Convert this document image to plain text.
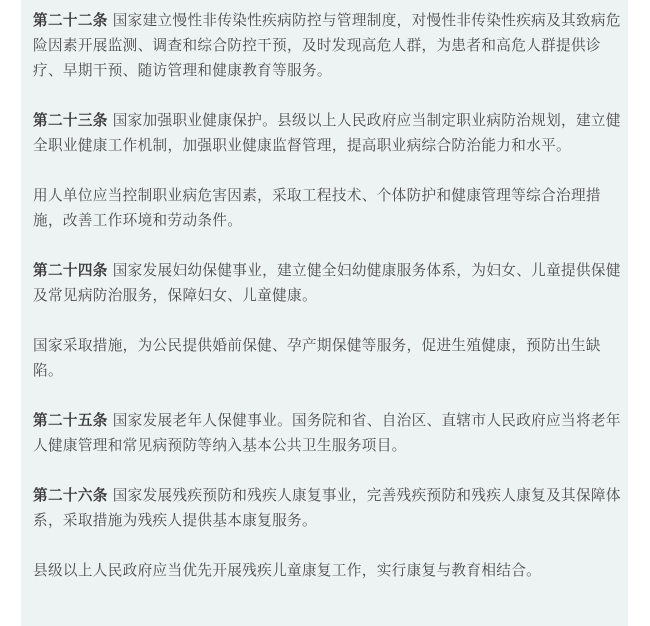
第二十二条 国家建立慢性非传染性疾病防控与管理制度，对慢性非传染性疾病及其致病危险因素开展监测、调查和综合防控干预，及时发现高危人群，为患者和高危人群提供诊疗、早期干预、随访管理和健康教育等服务。

第二十三条 国家加强职业健康保护。县级以上人民政府应当制定职业病防治规划，建立健全职业健康工作机制，加强职业健康监督管理，提高职业病综合防治能力和水平。

用人单位应当控制职业病危害因素，采取工程技术、个体防护和健康管理等综合治理措施，改善工作环境和劳动条件。

第二十四条 国家发展妇幼保健事业，建立健全妇幼健康服务体系，为妇女、儿童提供保健及常见病防治服务，保障妇女、儿童健康。

国家采取措施，为公民提供婚前保健、孕产期保健等服务，促进生殖健康，预防出生缺陷。

第二十五条 国家发展老年人保健事业。国务院和省、自治区、直辖市人民政府应当将老年人健康管理和常见病预防等纳入基本公共卫生服务项目。

第二十六条 国家发展残疾预防和残疾人康复事业，完善残疾预防和残疾人康复及其保障体系，采取措施为残疾人提供基本康复服务。

县级以上人民政府应当优先开展残疾儿童康复工作，实行康复与教育相结合。
